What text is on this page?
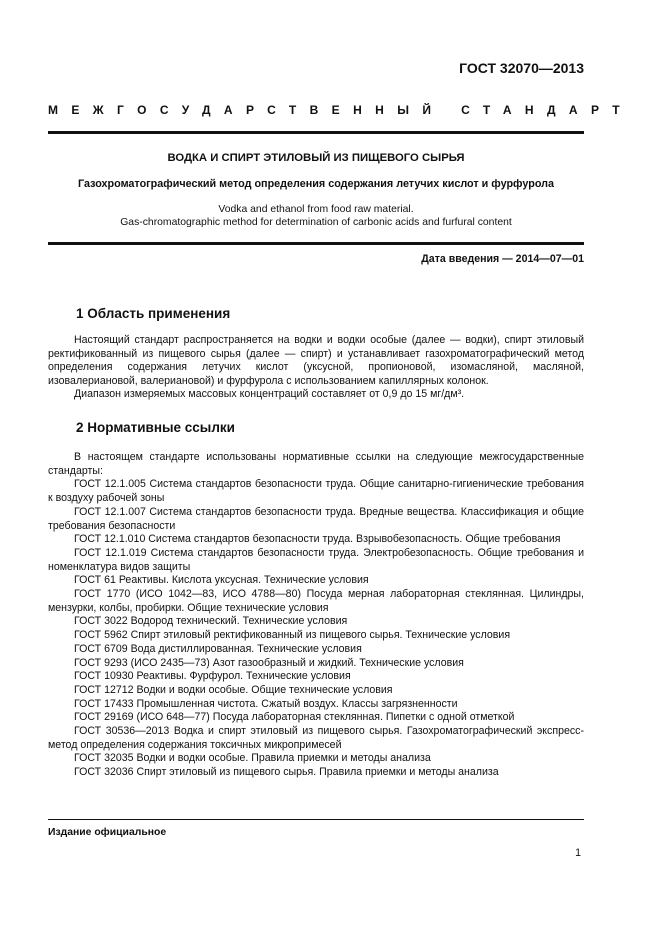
ГОСТ 32070—2013
МЕЖГОСУДАРСТВЕННЫЙ СТАНДАРТ
ВОДКА И СПИРТ ЭТИЛОВЫЙ ИЗ ПИЩЕВОГО СЫРЬЯ
Газохроматографический метод определения содержания летучих кислот и фурфурола
Vodka and ethanol from food raw material.
Gas-chromatographic method for determination of carbonic acids and furfural content
Дата введения — 2014—07—01
1 Область применения

Настоящий стандарт распространяется на водки и водки особые (далее — водки), спирт этиловый ректификованный из пищевого сырья (далее — спирт) и устанавливает газохроматографический метод определения содержания летучих кислот (уксусной, пропионовой, изомасляной, масляной, изовалериановой, валериановой) и фурфурола с использованием капиллярных колонок.

Диапазон измеряемых массовых концентраций составляет от 0,9 до 15 мг/дм³.

2 Нормативные ссылки

В настоящем стандарте использованы нормативные ссылки на следующие межгосударственные стандарты:

ГОСТ 12.1.005 Система стандартов безопасности труда. Общие санитарно-гигиенические требования к воздуху рабочей зоны

ГОСТ 12.1.007 Система стандартов безопасности труда. Вредные вещества. Классификация и общие требования безопасности

ГОСТ 12.1.010 Система стандартов безопасности труда. Взрывобезопасность. Общие требования

ГОСТ 12.1.019 Система стандартов безопасности труда. Электробезопасность. Общие требования и номенклатура видов защиты

ГОСТ 61 Реактивы. Кислота уксусная. Технические условия

ГОСТ 1770 (ИСО 1042—83, ИСО 4788—80) Посуда мерная лабораторная стеклянная. Цилиндры, мензурки, колбы, пробирки. Общие технические условия

ГОСТ 3022 Водород технический. Технические условия

ГОСТ 5962 Спирт этиловый ректификованный из пищевого сырья. Технические условия

ГОСТ 6709 Вода дистиллированная. Технические условия

ГОСТ 9293 (ИСО 2435—73) Азот газообразный и жидкий. Технические условия

ГОСТ 10930 Реактивы. Фурфурол. Технические условия

ГОСТ 12712 Водки и водки особые. Общие технические условия

ГОСТ 17433 Промышленная чистота. Сжатый воздух. Классы загрязненности

ГОСТ 29169 (ИСО 648—77) Посуда лабораторная стеклянная. Пипетки с одной отметкой

ГОСТ 30536—2013 Водка и спирт этиловый из пищевого сырья. Газохроматографический экспресс-метод определения содержания токсичных микропримесей

ГОСТ 32035 Водки и водки особые. Правила приемки и методы анализа

ГОСТ 32036 Спирт этиловый из пищевого сырья. Правила приемки и методы анализа

Издание официальное
1
